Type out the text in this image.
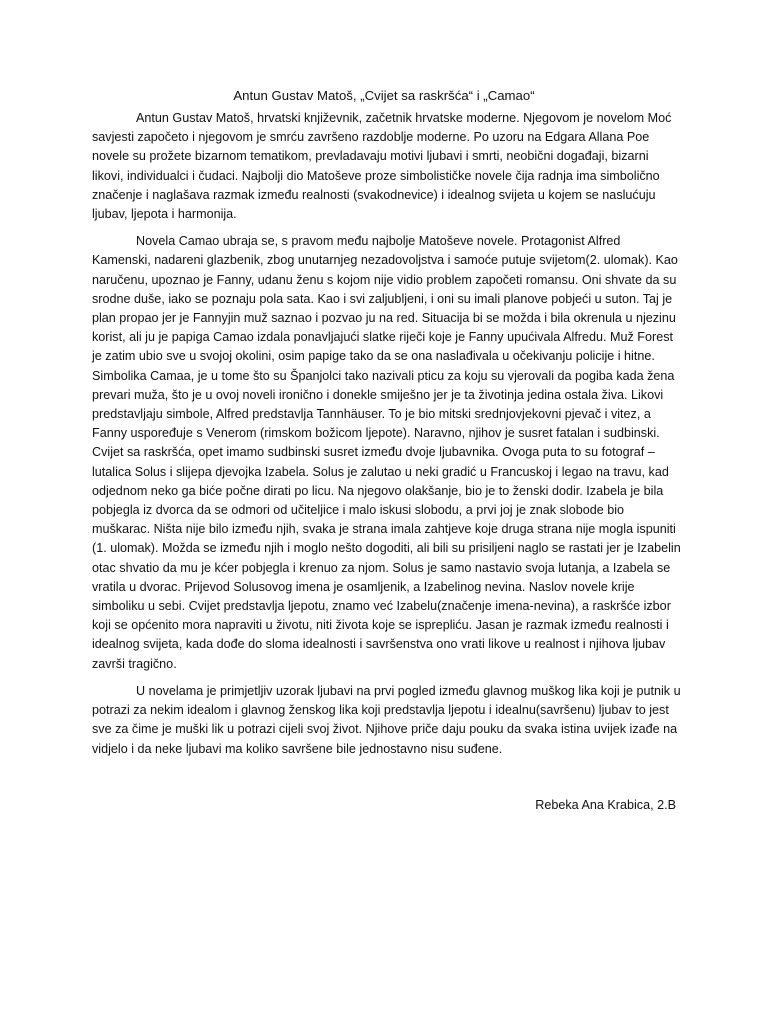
Antun Gustav Matoš, „Cvijet sa raskršća“ i „Camao“

Antun Gustav Matoš, hrvatski književnik, začetnik hrvatske moderne. Njegovom je novelom Moć savjesti započeto i njegovom je smrću završeno razdoblje moderne. Po uzoru na Edgara Allana Poe novele su prožete bizarnom tematikom, prevladavaju motivi ljubavi i smrti, neobični događaji, bizarni likovi, individualci i čudaci. Najbolji dio Matoševe proze simbolističke novele čija radnja ima simbolično značenje i naglašava razmak između realnosti (svakodnevice) i idealnog svijeta u kojem se naslućuju ljubav, ljepota i harmonija.

Novela Camao ubraja se, s pravom među najbolje Matoševe novele. Protagonist Alfred Kamenski, nadareni glazbenik, zbog unutarnjeg nezadovoljstva i samoće putuje svijetom(2. ulomak). Kao naručenu, upoznao je Fanny, udanu ženu s kojom nije vidio problem započeti romansu. Oni shvate da su srodne duše, iako se poznaju pola sata. Kao i svi zaljubljeni, i oni su imali planove pobjeći u suton. Taj je plan propao jer je Fannyjin muž saznao i pozvao ju na red. Situacija bi se možda i bila okrenula u njezinu korist, ali ju je papiga Camao izdala ponavljajući slatke riječi koje je Fanny upućivala Alfredu. Muž Forest je zatim ubio sve u svojoj okolini, osim papige tako da se ona naslađivala u očekivanju policije i hitne. Simbolika Camaa, je u tome što su Španjolci tako nazivali pticu za koju su vjerovali da pogiba kada žena prevari muža, što je u ovoj noveli ironično i donekle smiješno jer je ta životinja jedina ostala živa. Likovi predstavljaju simbole, Alfred predstavlja Tannhäuser. To je bio mitski srednjovjekovni pjevač i vitez, a Fanny uspoređuje s Venerom (rimskom božicom ljepote). Naravno, njihov je susret fatalan i sudbinski. Cvijet sa raskršća, opet imamo sudbinski susret između dvoje ljubavnika. Ovoga puta to su fotograf – lutalica Solus i slijepa djevojka Izabela. Solus je zalutao u neki gradić u Francuskoj i legao na travu, kad odjednom neko ga biće počne dirati po licu. Na njegovo olakšanje, bio je to ženski dodir. Izabela je bila pobjegla iz dvorca da se odmori od učiteljice i malo iskusi slobodu, a prvi joj je znak slobode bio muškarac. Ništa nije bilo između njih, svaka je strana imala zahtjeve koje druga strana nije mogla ispuniti (1. ulomak). Možda se između njih i moglo nešto dogoditi, ali bili su prisiljeni naglo se rastati jer je Izabelin otac shvatio da mu je kćer pobjegla i krenuo za njom. Solus je samo nastavio svoja lutanja, a Izabela se vratila u dvorac. Prijevod Solusovog imena je osamljenik, a Izabelinog nevina. Naslov novele krije simboliku u sebi. Cvijet predstavlja ljepotu, znamo već Izabelu(značenje imena-nevina), a raskršće izbor koji se općenito mora napraviti u životu, niti života koje se isprepliću. Jasan je razmak između realnosti i idealnog svijeta, kada dođe do sloma idealnosti i savršenstva ono vrati likove u realnost i njihova ljubav završi tragično.

U novelama je primjetljiv uzorak ljubavi na prvi pogled između glavnog muškog lika koji je putnik u potrazi za nekim idealom i glavnog ženskog lika koji predstavlja ljepotu i idealnu(savršenu) ljubav to jest sve za čime je muški lik u potrazi cijeli svoj život. Njihove priče daju pouku da svaka istina uvijek izađe na vidjelo i da neke ljubavi ma koliko savršene bile jednostavno nisu suđene.

Rebeka Ana Krabica, 2.B
